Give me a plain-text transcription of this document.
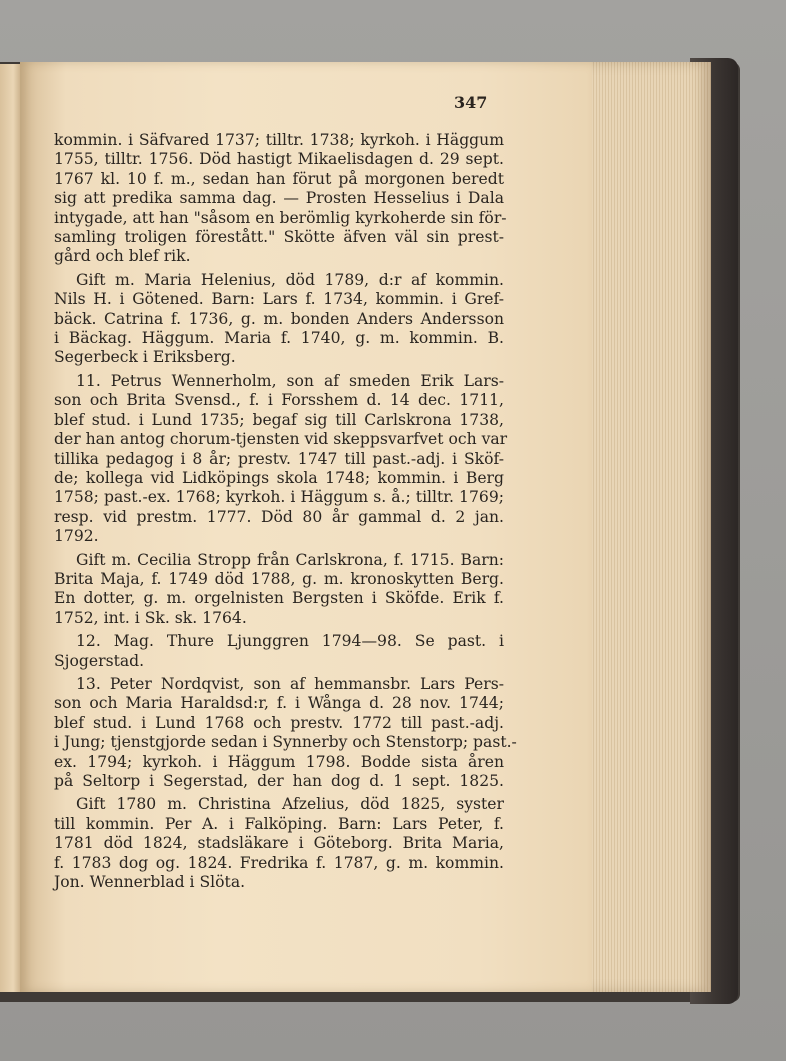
347
kommin. i Säfvared 1737; tilltr. 1738; kyrkoh. i Häggum
1755, tilltr. 1756. Död hastigt Mikaelisdagen d. 29 sept.
1767 kl. 10 f. m., sedan han förut på morgonen beredt
sig att predika samma dag. — Prosten Hesselius i Dala
intygade, att han "såsom en berömlig kyrkoherde sin för-
samling troligen förestått." Skötte äfven väl sin prest-
gård och blef rik.
Gift m. Maria Helenius, död 1789, d:r af kommin.
Nils H. i Götened. Barn: Lars f. 1734, kommin. i Gref-
bäck. Catrina f. 1736, g. m. bonden Anders Andersson
i Bäckag. Häggum. Maria f. 1740, g. m. kommin. B.
Segerbeck i Eriksberg.
11. Petrus Wennerholm, son af smeden Erik Lars-
son och Brita Svensd., f. i Forsshem d. 14 dec. 1711,
blef stud. i Lund 1735; begaf sig till Carlskrona 1738,
der han antog chorum-tjensten vid skeppsvarfvet och var
tillika pedagog i 8 år; prestv. 1747 till past.-adj. i Sköf-
de; kollega vid Lidköpings skola 1748; kommin. i Berg
1758; past.-ex. 1768; kyrkoh. i Häggum s. å.; tilltr. 1769;
resp. vid prestm. 1777. Död 80 år gammal d. 2 jan.
1792.
Gift m. Cecilia Stropp från Carlskrona, f. 1715. Barn:
Brita Maja, f. 1749 död 1788, g. m. kronoskytten Berg.
En dotter, g. m. orgelnisten Bergsten i Sköfde. Erik f.
1752, int. i Sk. sk. 1764.
12. Mag. Thure Ljunggren 1794—98. Se past. i
Sjogerstad.
13. Peter Nordqvist, son af hemmansbr. Lars Pers-
son och Maria Haraldsd:r, f. i Wånga d. 28 nov. 1744;
blef stud. i Lund 1768 och prestv. 1772 till past.-adj.
i Jung; tjenstgjorde sedan i Synnerby och Stenstorp; past.-
ex. 1794; kyrkoh. i Häggum 1798. Bodde sista åren
på Seltorp i Segerstad, der han dog d. 1 sept. 1825.
Gift 1780 m. Christina Afzelius, död 1825, syster
till kommin. Per A. i Falköping. Barn: Lars Peter, f.
1781 död 1824, stadsläkare i Göteborg. Brita Maria,
f. 1783 dog og. 1824. Fredrika f. 1787, g. m. kommin.
Jon. Wennerblad i Slöta.
